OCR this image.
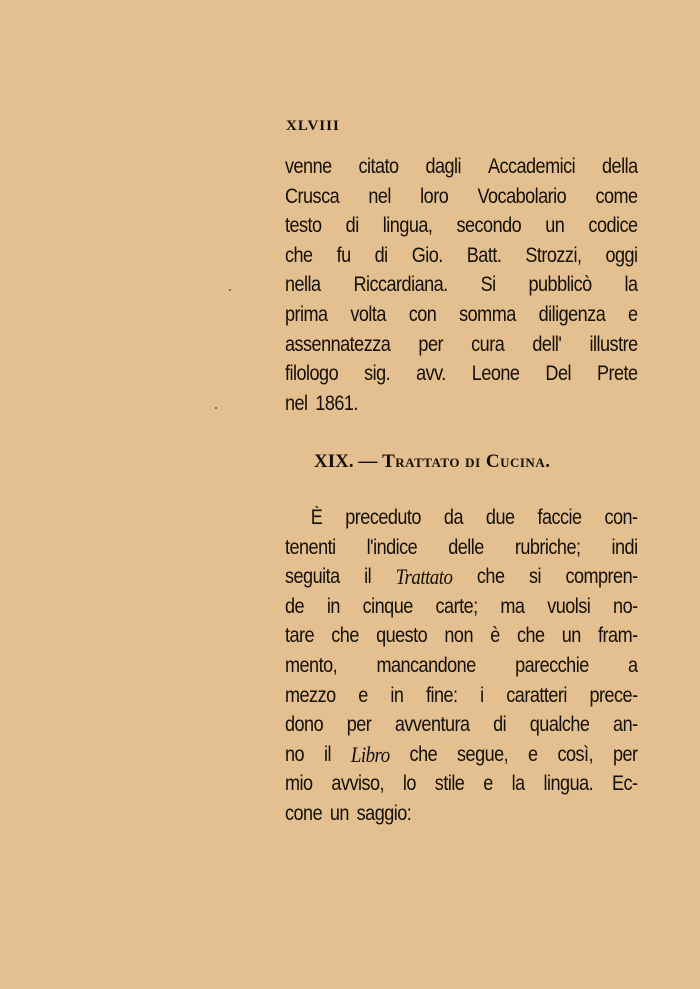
XLVIII
venne citato dagli Accademici della
Crusca nel loro Vocabolario come
testo di lingua, secondo un codice
che fu di Gio. Batt. Strozzi, oggi
nella Riccardiana. Si pubblicò la
prima volta con somma diligenza e
assennatezza per cura dell' illustre
filologo sig. avv. Leone Del Prete
nel 1861.
XIX. — Trattato di Cucina.
È preceduto da due faccie con-
tenenti l'indice delle rubriche; indi
seguita il Trattato che si compren-
de in cinque carte; ma vuolsi no-
tare che questo non è che un fram-
mento, mancandone parecchie a
mezzo e in fine: i caratteri prece-
dono per avventura di qualche an-
no il Libro che segue, e così, per
mio avviso, lo stile e la lingua. Ec-
cone un saggio:
